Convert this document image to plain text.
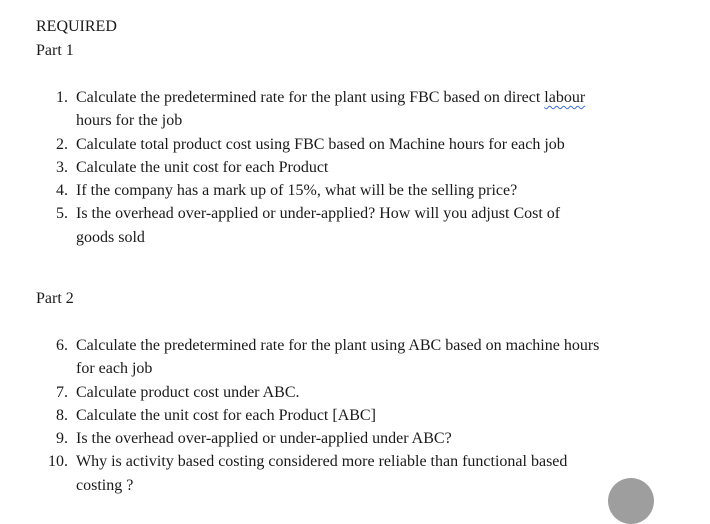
REQUIRED
Part 1
1. Calculate the predetermined rate for the plant using FBC based on direct labour hours for the job
2. Calculate total product cost using FBC based on Machine hours for each job
3. Calculate the unit cost for each Product
4. If the company has a mark up of 15%, what will be the selling price?
5. Is the overhead over-applied or under-applied? How will you adjust Cost of goods sold
Part 2
6. Calculate the predetermined rate for the plant using ABC based on machine hours for each job
7. Calculate product cost under ABC.
8. Calculate the unit cost for each Product [ABC]
9. Is the overhead over-applied or under-applied under ABC?
10. Why is activity based costing considered more reliable than functional based costing ?
